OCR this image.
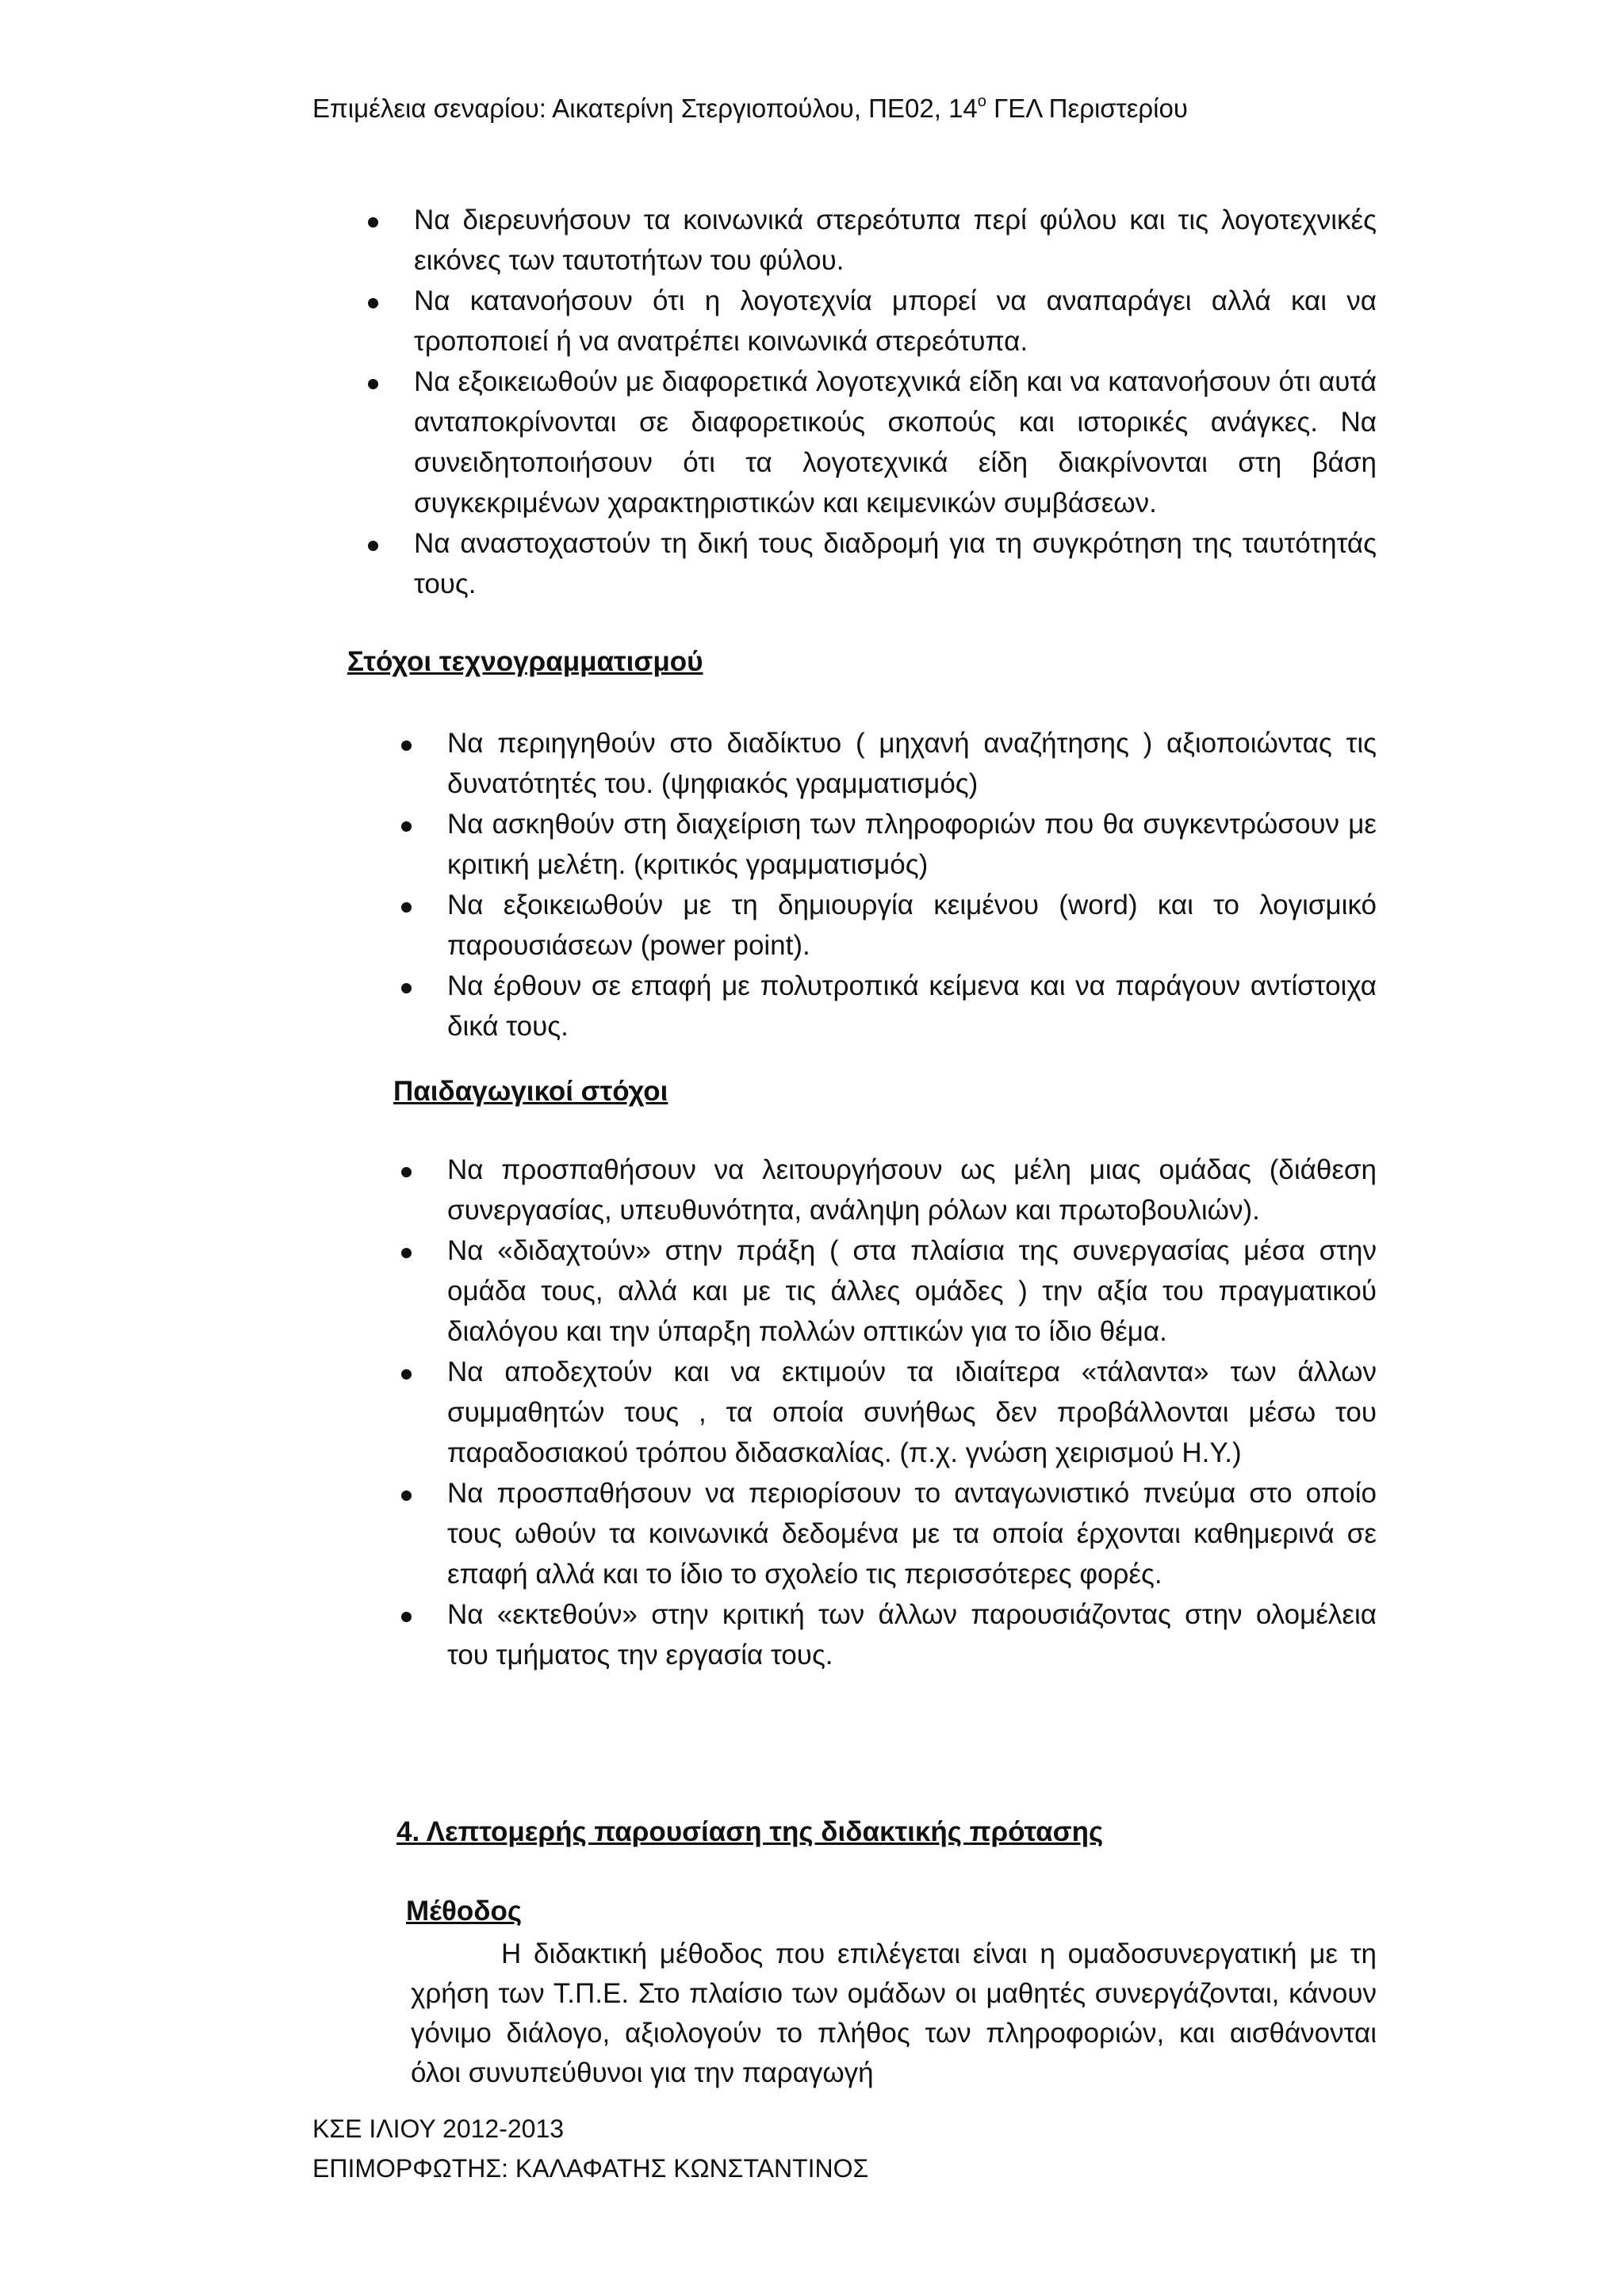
Επιμέλεια σεναρίου: Αικατερίνη Στεργιοπούλου, ΠΕ02, $14^o$ ΓΕΛ Περιστερίου
Να διερευνήσουν τα κοινωνικά στερεότυπα περί φύλου και τις λογοτεχνικές εικόνες των ταυτοτήτων του φύλου.
Να κατανοήσουν ότι η λογοτεχνία μπορεί να αναπαράγει αλλά και να τροποποιεί ή να ανατρέπει κοινωνικά στερεότυπα.
Να εξοικειωθούν με διαφορετικά λογοτεχνικά είδη και να κατανοήσουν ότι αυτά ανταποκρίνονται σε διαφορετικούς σκοπούς και ιστορικές ανάγκες. Να συνειδητοποιήσουν ότι τα λογοτεχνικά είδη διακρίνονται στη βάση συγκεκριμένων χαρακτηριστικών και κειμενικών συμβάσεων.
Να αναστοχαστούν τη δική τους διαδρομή για τη συγκρότηση της ταυτότητάς τους.
Στόχοι τεχνογραμματισμού
Να περιηγηθούν στο διαδίκτυο ( μηχανή αναζήτησης ) αξιοποιώντας τις δυνατότητές του. (ψηφιακός γραμματισμός)
Να ασκηθούν στη διαχείριση των πληροφοριών που θα συγκεντρώσουν με κριτική μελέτη. (κριτικός γραμματισμός)
Να εξοικειωθούν με τη δημιουργία κειμένου (word) και το λογισμικό παρουσιάσεων (power point).
Να έρθουν σε επαφή με πολυτροπικά κείμενα και να παράγουν αντίστοιχα δικά τους.
Παιδαγωγικοί στόχοι
Να προσπαθήσουν να λειτουργήσουν ως μέλη μιας ομάδας (διάθεση συνεργασίας, υπευθυνότητα, ανάληψη ρόλων και πρωτοβουλιών).
Να «διδαχτούν» στην πράξη ( στα πλαίσια της συνεργασίας μέσα στην ομάδα τους, αλλά και με τις άλλες ομάδες ) την αξία του πραγματικού διαλόγου και την ύπαρξη πολλών οπτικών για το ίδιο θέμα.
Να αποδεχτούν και να εκτιμούν τα ιδιαίτερα «τάλαντα» των άλλων συμμαθητών τους , τα οποία συνήθως δεν προβάλλονται μέσω του παραδοσιακού τρόπου διδασκαλίας. (π.χ. γνώση χειρισμού Η.Υ.)
Να προσπαθήσουν να περιορίσουν το ανταγωνιστικό πνεύμα στο οποίο τους ωθούν τα κοινωνικά δεδομένα με τα οποία έρχονται καθημερινά σε επαφή αλλά και το ίδιο το σχολείο τις περισσότερες φορές.
Να «εκτεθούν» στην κριτική των άλλων παρουσιάζοντας στην ολομέλεια του τμήματος την εργασία τους.
4. Λεπτομερής παρουσίαση της διδακτικής πρότασης
Μέθοδος
Η διδακτική μέθοδος που επιλέγεται είναι η ομαδοσυνεργατική με τη χρήση των Τ.Π.Ε. Στο πλαίσιο των ομάδων οι μαθητές συνεργάζονται, κάνουν γόνιμο διάλογο, αξιολογούν το πλήθος των πληροφοριών, και αισθάνονται όλοι συνυπεύθυνοι για την παραγωγή
ΚΣΕ ΙΛΙΟΥ 2012-2013
ΕΠΙΜΟΡΦΩΤΗΣ: ΚΑΛΑΦΑΤΗΣ ΚΩΝΣΤΑΝΤΙΝΟΣ
